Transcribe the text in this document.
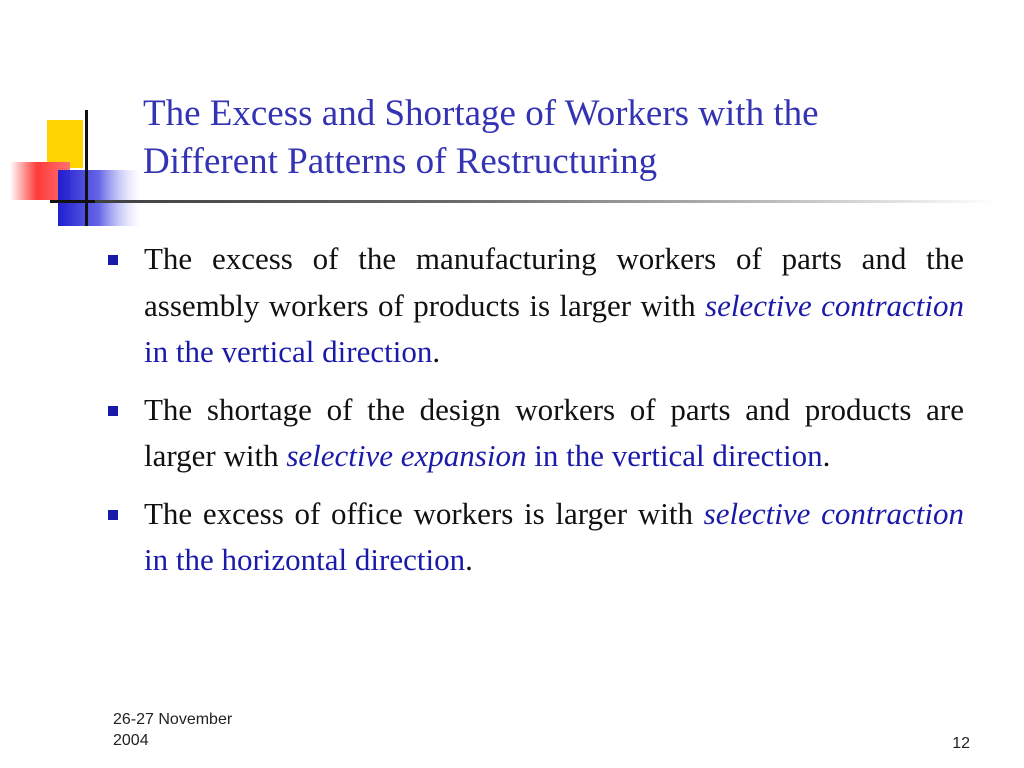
The Excess and Shortage of Workers with the
Different Patterns of Restructuring

The excess of the manufacturing workers of parts and the assembly workers of products is larger with selective contraction in the vertical direction.

The shortage of the design workers of parts and products are larger with selective expansion in the vertical direction.

The excess of office workers is larger with selective contraction in the horizontal direction.

26-27 November
2004	12
